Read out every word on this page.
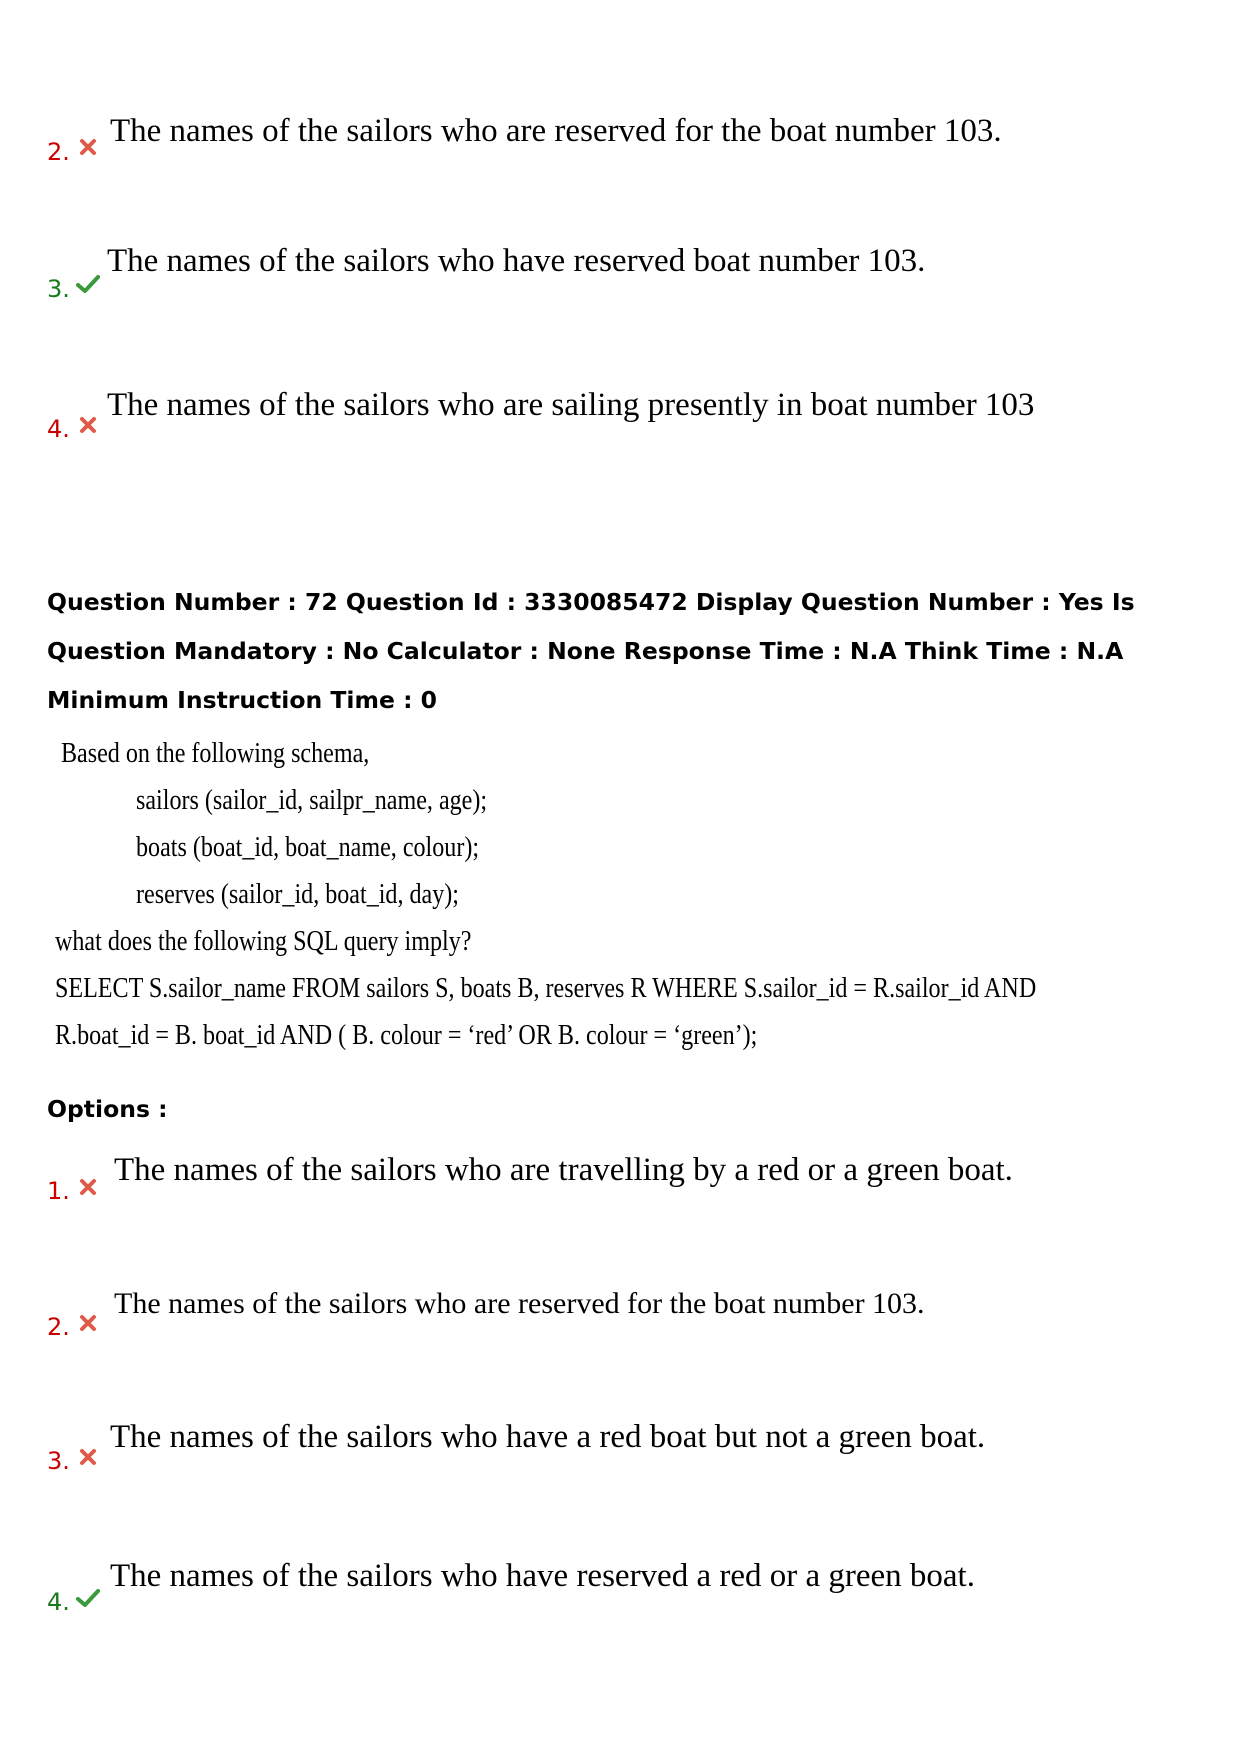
2.
The names of the sailors who are reserved for the boat number 103.
3.
The names of the sailors who have reserved boat number 103.
4.
The names of the sailors who are sailing presently in boat number 103
Question Number : 72 Question Id : 3330085472 Display Question Number : Yes Is Question Mandatory : No Calculator : None Response Time : N.A Think Time : N.A Minimum Instruction Time : 0
Based on the following schema,
sailors (sailor_id, sailpr_name, age);
boats (boat_id, boat_name, colour);
reserves (sailor_id, boat_id, day);
what does the following SQL query imply?
SELECT S.sailor_name FROM sailors S, boats B, reserves R WHERE S.sailor_id = R.sailor_id AND
R.boat_id = B. boat_id AND ( B. colour = ‘red’ OR B. colour = ‘green’);
Options :
1.
The names of the sailors who are travelling by a red or a green boat.
2.
The names of the sailors who are reserved for the boat number 103.
3.
The names of the sailors who have a red boat but not a green boat.
4.
The names of the sailors who have reserved a red or a green boat.
